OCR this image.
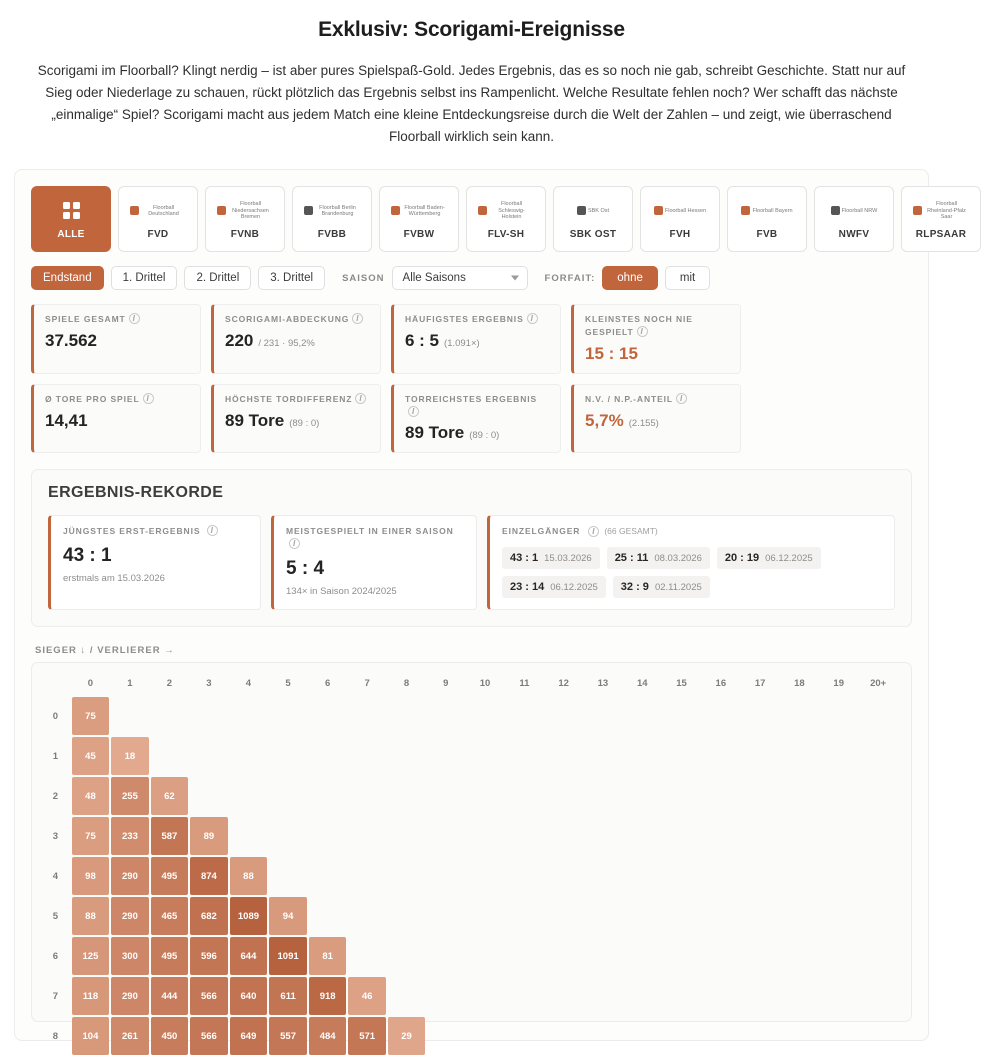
Exklusiv: Scorigami-Ereignisse

Scorigami im Floorball? Klingt nerdig – ist aber pures Spielspaß-Gold. Jedes Ergebnis, das es so noch nie gab, schreibt Geschichte. Statt nur auf Sieg oder Niederlage zu schauen, rückt plötzlich das Ergebnis selbst ins Rampenlicht. Welche Resultate fehlen noch? Wer schafft das nächste „einmalige“ Spiel? Scorigami macht aus jedem Match eine kleine Entdeckungsreise durch die Welt der Zahlen – und zeigt, wie überraschend Floorball wirklich sein kann.

ALLE
Floorball Deutschland
FVD
Floorball Niedersachsen Bremen
FVNB
Floorball Berlin Brandenburg
FVBB
Floorball Baden-Württemberg
FVBW
Floorball Schleswig-Holstein
FLV-SH
SBK Ost
SBK OST
Floorball Hessen
FVH
Floorball Bayern
FVB
Floorball NRW
NWFV
Floorball Rheinland-Pfalz Saar
RLPSAAR
Endstand	1. Drittel	2. Drittel	3. Drittel	SAISON	Alle Saisons	FORFAIT:	ohne	mit
SPIELE GESAMT I
37.562
SCORIGAMI-ABDECKUNG I
220 / 231 · 95,2%
HÄUFIGSTES ERGEBNIS I
6 : 5 (1.091×)
KLEINSTES NOCH NIE GESPIELT I
15 : 15
Ø TORE PRO SPIEL I
14,41
HÖCHSTE TORDIFFERENZ I
89 Tore (89 : 0)
TORREICHSTES ERGEBNISI
89 Tore (89 : 0)
N.V. / N.P.-ANTEIL I
5,7% (2.155)
ERGEBNIS-REKORDE
JÜNGSTES ERST-ERGEBNIS I
43 : 1
erstmals am 15.03.2026
MEISTGESPIELT IN EINER SAISON I
5 : 4
134× in Saison 2024/2025
EINZELGÄNGER	I	(66 GESAMT)
43 : 1 15.03.2026 25 : 11 08.03.2026 20 : 19 06.12.2025
23 : 14 06.12.2025 32 : 9 02.11.2025
SIEGER ↓ / VERLIERER →
	0	1	2	3	4	5	6	7	8	9	10	11	12	13	14	15	16	17	18	19	20+
0	75																				
1	45	18																			
2	48	255	62																		
3	75	233	587	89																	
4	98	290	495	874	88																
5	88	290	465	682	1089	94															
6	125	300	495	596	644	1091	81														
7	118	290	444	566	640	611	918	46													
8	104	261	450	566	649	557	484	571	29												
